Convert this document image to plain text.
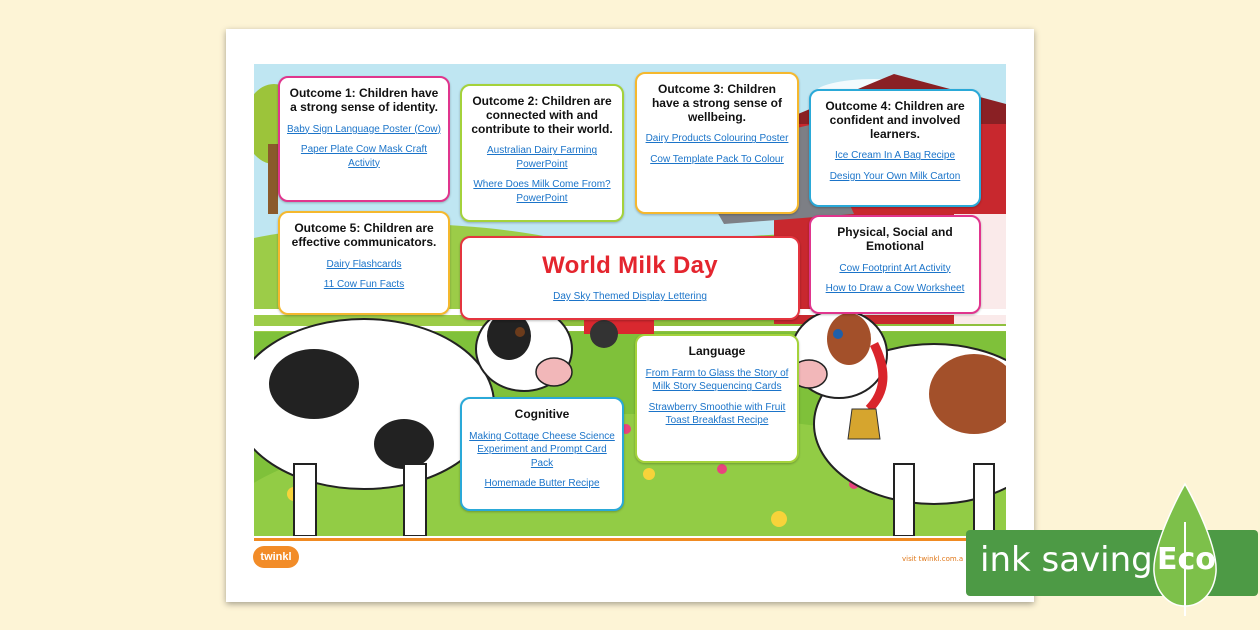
twinkl	visit twinkl.com.a
Outcome 1: Children have a strong sense of identity.
Baby Sign Language Poster (Cow)
Paper Plate Cow Mask Craft Activity
Outcome 2: Children are connected with and contribute to their world.
Australian Dairy Farming PowerPoint
Where Does Milk Come From? PowerPoint
Outcome 3: Children have a strong sense of wellbeing.
Dairy Products Colouring Poster
Cow Template Pack To Colour
Outcome 4: Children are confident and involved learners.
Ice Cream In A Bag Recipe
Design Your Own Milk Carton
Outcome 5: Children are effective communicators.
Dairy Flashcards
11 Cow Fun Facts
World Milk Day
Day Sky Themed Display Lettering
Physical, Social and Emotional
Cow Footprint Art Activity
How to Draw a Cow Worksheet
Language
From Farm to Glass the Story of Milk Story Sequencing Cards
Strawberry Smoothie with Fruit Toast Breakfast Recipe
Cognitive
Making Cottage Cheese Science Experiment and Prompt Card Pack
Homemade Butter Recipe
ink saving Eco
